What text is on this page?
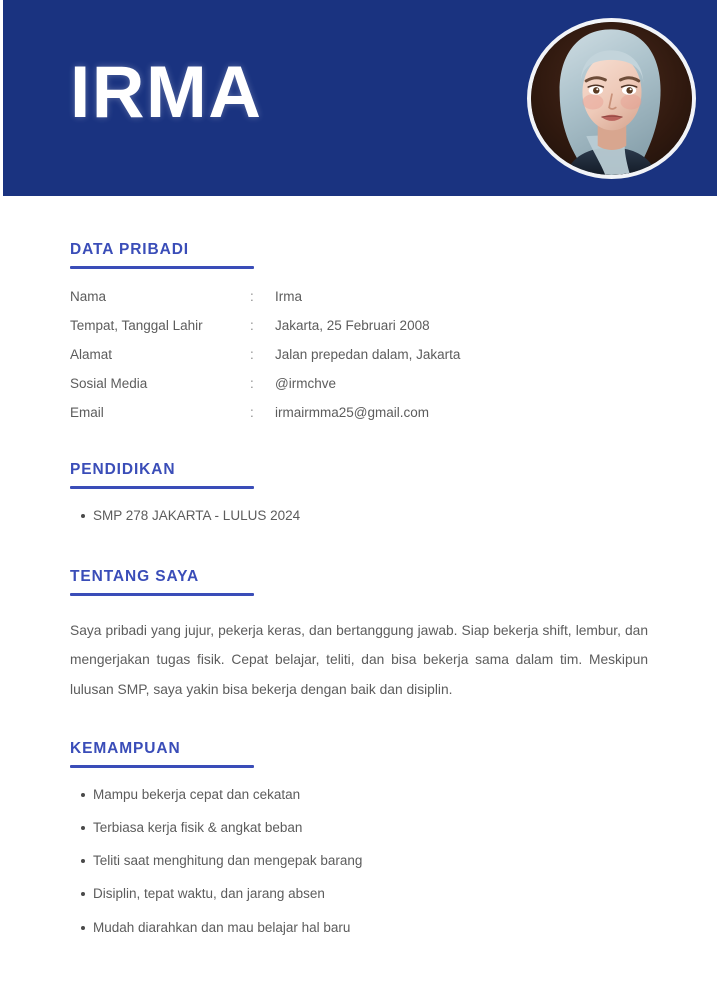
IRMA
DATA PRIBADI
Nama	:	Irma
Tempat, Tanggal Lahir	:	Jakarta, 25 Februari 2008
Alamat	:	Jalan prepedan dalam, Jakarta
Sosial Media	:	@irmchve
Email	:	irmairmma25@gmail.com
PENDIDIKAN
SMP 278 JAKARTA - LULUS 2024
TENTANG SAYA

Saya pribadi yang jujur, pekerja keras, dan bertanggung jawab. Siap bekerja shift, lembur, dan mengerjakan tugas fisik. Cepat belajar, teliti, dan bisa bekerja sama dalam tim. Meskipun lulusan SMP, saya yakin bisa bekerja dengan baik dan disiplin.

KEMAMPUAN
Mampu bekerja cepat dan cekatan
Terbiasa kerja fisik & angkat beban
Teliti saat menghitung dan mengepak barang
Disiplin, tepat waktu, dan jarang absen
Mudah diarahkan dan mau belajar hal baru
